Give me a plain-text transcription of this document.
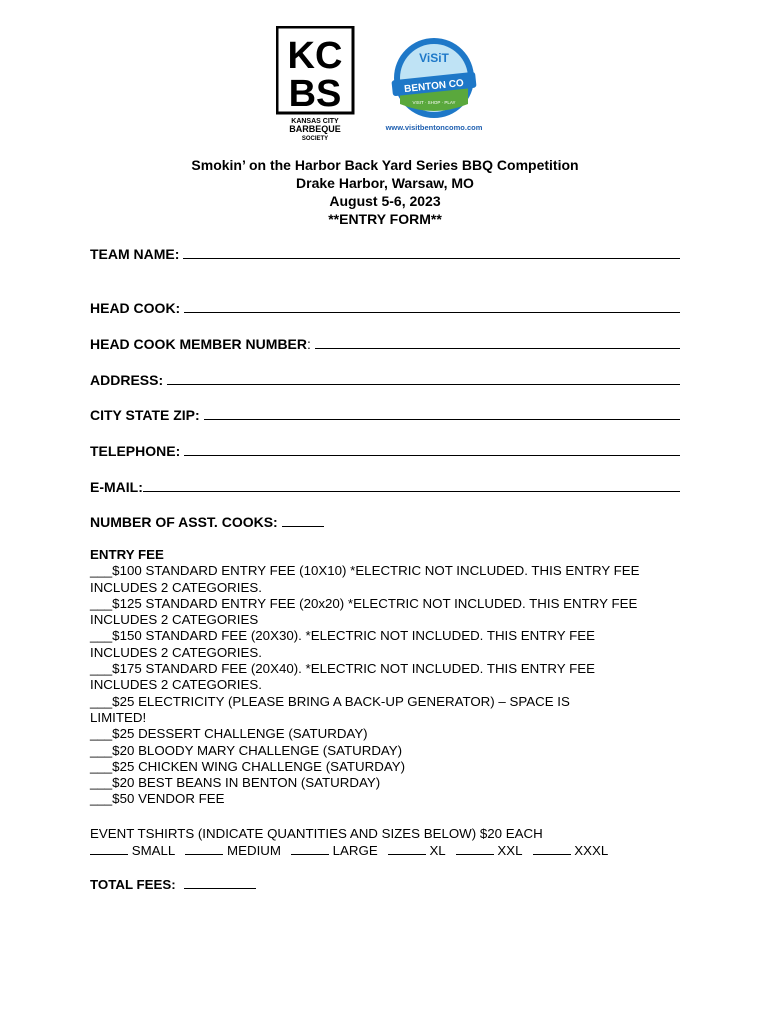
KC
BS
KANSAS CITY
BARBEQUE
SOCIETY
ViSiT
BENTON CO
VISIT · SHOP · PLAY
www.visitbentoncomo.com
Smokin’ on the Harbor Back Yard Series BBQ Competition
Drake Harbor, Warsaw, MO
August 5-6, 2023
**ENTRY FORM**
TEAM NAME:
HEAD COOK:
HEAD COOK MEMBER NUMBER :
ADDRESS:
CITY STATE ZIP:
TELEPHONE:
E-MAIL:
NUMBER OF ASST. COOKS:
ENTRY FEE
___$100 STANDARD ENTRY FEE (10X10) *ELECTRIC NOT INCLUDED. THIS ENTRY FEE
INCLUDES 2 CATEGORIES.
___$125 STANDARD ENTRY FEE (20x20) *ELECTRIC NOT INCLUDED. THIS ENTRY FEE
INCLUDES 2 CATEGORIES
___$150 STANDARD FEE (20X30). *ELECTRIC NOT INCLUDED. THIS ENTRY FEE
INCLUDES 2 CATEGORIES.
___$175 STANDARD FEE (20X40). *ELECTRIC NOT INCLUDED. THIS ENTRY FEE
INCLUDES 2 CATEGORIES.
___$25 ELECTRICITY (PLEASE BRING A BACK-UP GENERATOR) – SPACE IS
LIMITED!
___$25 DESSERT CHALLENGE (SATURDAY)
___$20 BLOODY MARY CHALLENGE (SATURDAY)
___$25 CHICKEN WING CHALLENGE (SATURDAY)
___$20 BEST BEANS IN BENTON (SATURDAY)
___$50 VENDOR FEE
EVENT TSHIRTS (INDICATE QUANTITIES AND SIZES BELOW) $20 EACH

SMALL
	MEDIUM
	LARGE
	XL
	XXL
	XXXL
TOTAL FEES:
